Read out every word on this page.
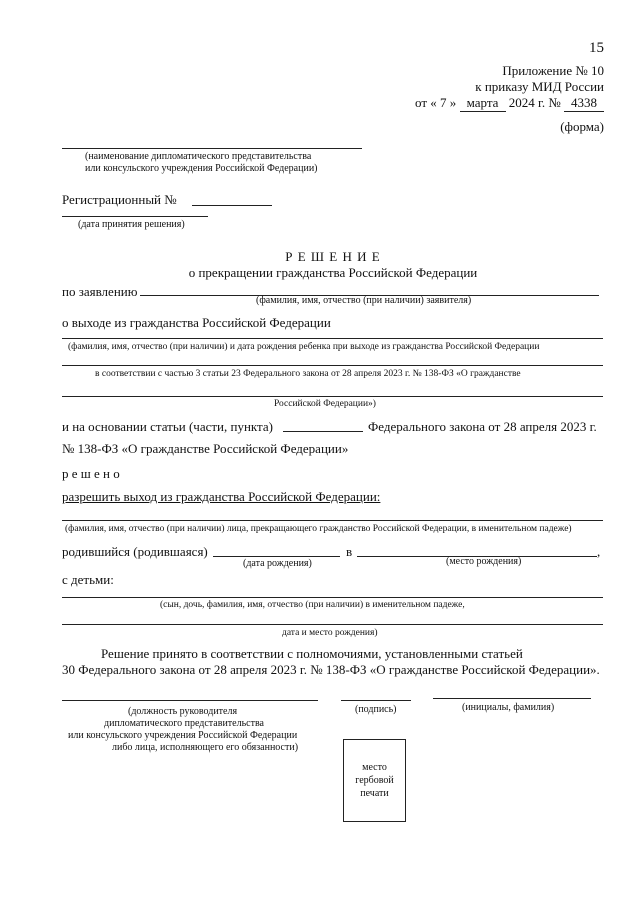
15
Приложение № 10
к приказу МИД России
от « 7 » марта 2024 г. № 4338
(форма)
(наименование дипломатического представительства
или консульского учреждения Российской Федерации)
Регистрационный №
(дата принятия решения)
Р Е Ш Е Н И Е
о прекращении гражданства Российской Федерации
по заявлению
(фамилия, имя, отчество (при наличии) заявителя)
о выходе из гражданства Российской Федерации
(фамилия, имя, отчество (при наличии) и дата рождения ребенка при выходе из гражданства Российской Федерации
в соответствии с частью 3 статьи 23 Федерального закона от 28 апреля 2023 г. № 138-ФЗ «О гражданстве
Российской Федерации»)
и на основании статьи (части, пункта)	Федерального закона от 28 апреля 2023 г.
№ 138-ФЗ «О гражданстве Российской Федерации»
р е ш е н о
разрешить выход из гражданства Российской Федерации:
(фамилия, имя, отчество (при наличии) лица, прекращающего гражданство Российской Федерации, в именительном падеже)
родившийся (родившаяся)	в	,
(дата рождения)	(место рождения)
с детьми:
(сын, дочь, фамилия, имя, отчество (при наличии) в именительном падеже,
дата и место рождения)
Решение принято в соответствии с полномочиями, установленными статьей
30 Федерального закона от 28 апреля 2023 г. № 138-ФЗ «О гражданстве Российской Федерации».
(должность руководителя
дипломатического представительства
или консульского учреждения Российской Федерации
либо лица, исполняющего его обязанности)
(подпись)	(инициалы, фамилия)
место
гербовой
печати
